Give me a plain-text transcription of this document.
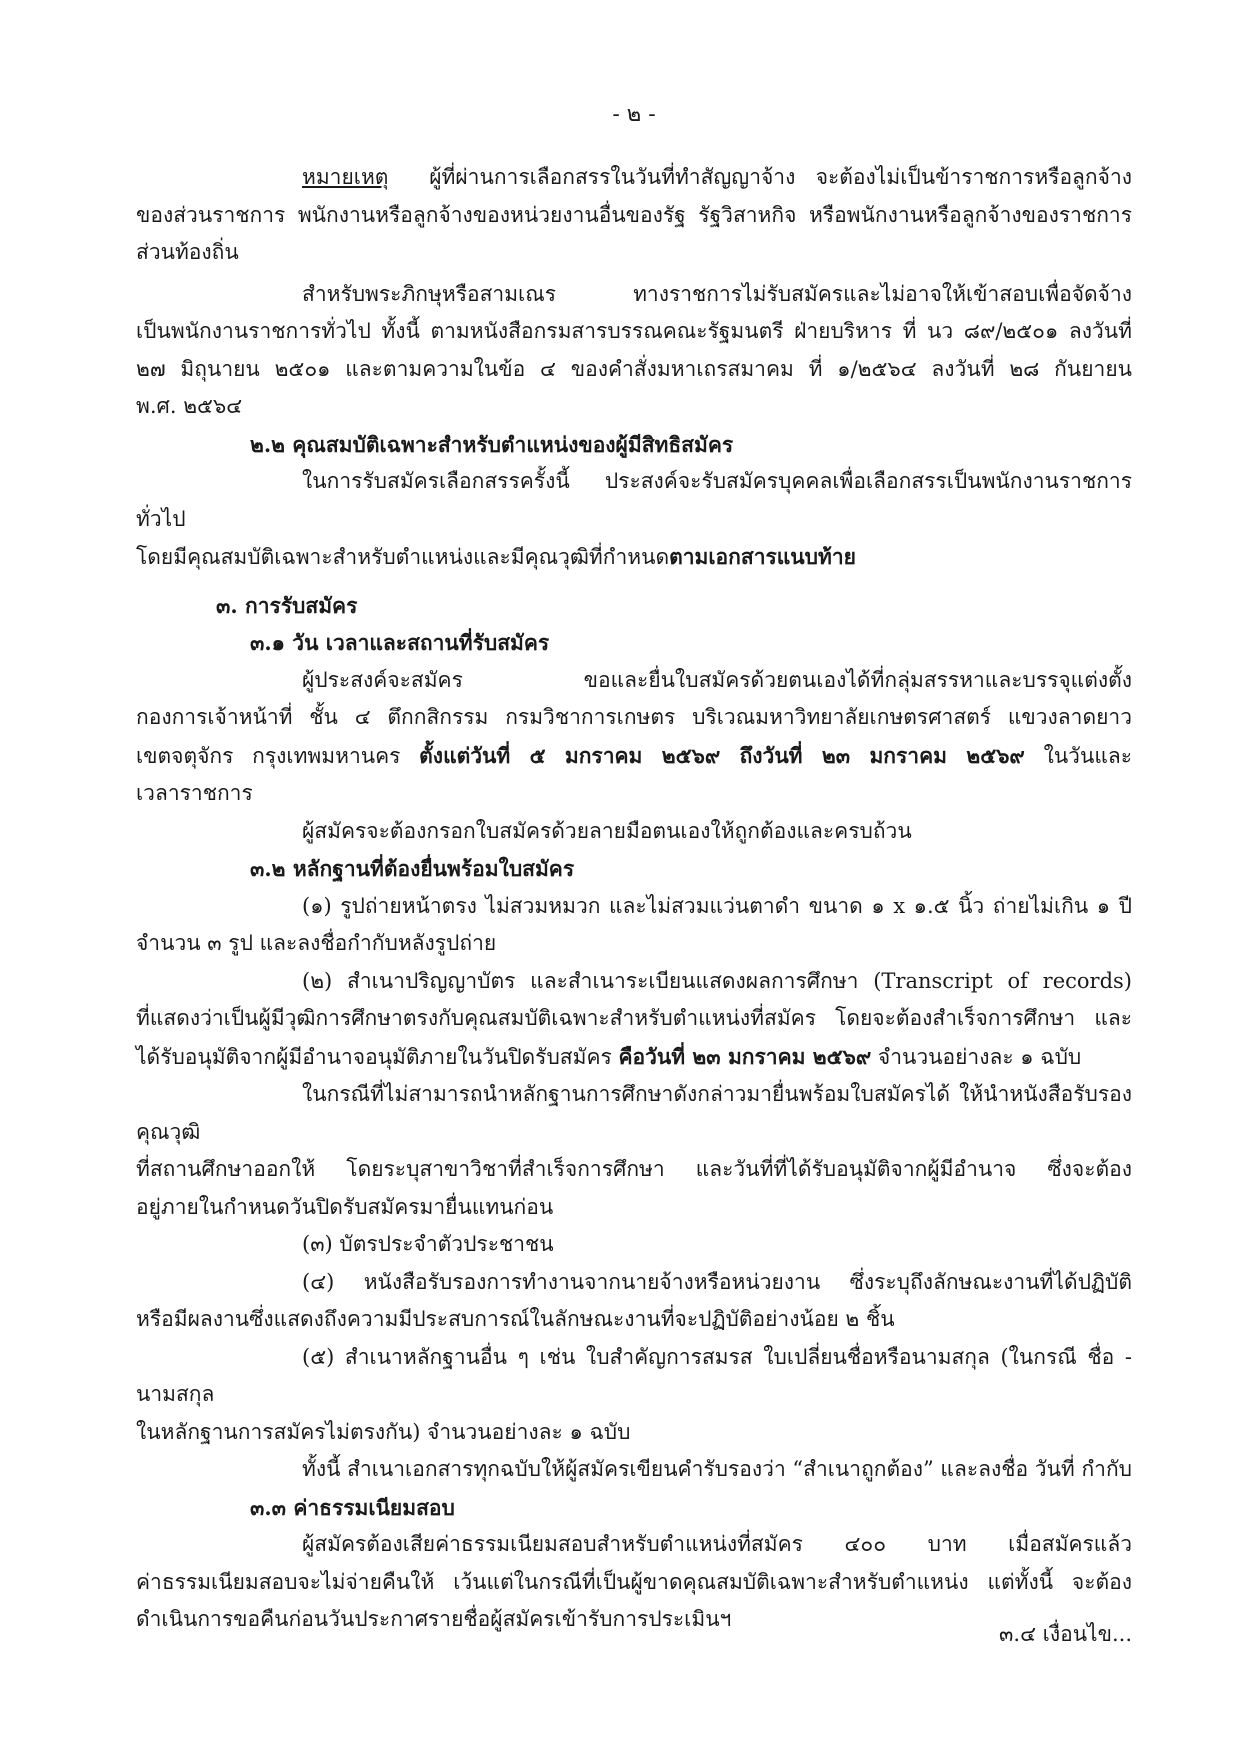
- ๒ -

หมายเหตุ ผู้ที่ผ่านการเลือกสรรในวันที่ทำสัญญาจ้าง จะต้องไม่เป็นข้าราชการหรือลูกจ้าง

ของส่วนราชการ พนักงานหรือลูกจ้างของหน่วยงานอื่นของรัฐ รัฐวิสาหกิจ หรือพนักงานหรือลูกจ้างของราชการ

ส่วนท้องถิ่น

สำหรับพระภิกษุหรือสามเณร ทางราชการไม่รับสมัครและไม่อาจให้เข้าสอบเพื่อจัดจ้าง

เป็นพนักงานราชการทั่วไป ทั้งนี้ ตามหนังสือกรมสารบรรณคณะรัฐมนตรี ฝ่ายบริหาร ที่ นว ๘๙/๒๕๐๑ ลงวันที่

๒๗ มิถุนายน ๒๕๐๑ และตามความในข้อ ๔ ของคำสั่งมหาเถรสมาคม ที่ ๑/๒๕๖๔ ลงวันที่ ๒๘ กันยายน

พ.ศ. ๒๕๖๔

๒.๒ คุณสมบัติเฉพาะสำหรับตำแหน่งของผู้มีสิทธิสมัคร

ในการรับสมัครเลือกสรรครั้งนี้ ประสงค์จะรับสมัครบุคคลเพื่อเลือกสรรเป็นพนักงานราชการทั่วไป

โดยมีคุณสมบัติเฉพาะสำหรับตำแหน่งและมีคุณวุฒิที่กำหนดตามเอกสารแนบท้าย

๓. การรับสมัคร

๓.๑ วัน เวลาและสถานที่รับสมัคร

ผู้ประสงค์จะสมัคร ขอและยื่นใบสมัครด้วยตนเองได้ที่กลุ่มสรรหาและบรรจุแต่งตั้ง

กองการเจ้าหน้าที่ ชั้น ๔ ตึกกสิกรรม กรมวิชาการเกษตร บริเวณมหาวิทยาลัยเกษตรศาสตร์ แขวงลาดยาว

เขตจตุจักร กรุงเทพมหานคร ตั้งแต่วันที่ ๕ มกราคม ๒๕๖๙ ถึงวันที่ ๒๓ มกราคม ๒๕๖๙ ในวันและ

เวลาราชการ

ผู้สมัครจะต้องกรอกใบสมัครด้วยลายมือตนเองให้ถูกต้องและครบถ้วน

๓.๒ หลักฐานที่ต้องยื่นพร้อมใบสมัคร

(๑) รูปถ่ายหน้าตรง ไม่สวมหมวก และไม่สวมแว่นตาดำ ขนาด ๑ x ๑.๕ นิ้ว ถ่ายไม่เกิน ๑ ปี

จำนวน ๓ รูป และลงชื่อกำกับหลังรูปถ่าย

(๒) สำเนาปริญญาบัตร และสำเนาระเบียนแสดงผลการศึกษา (Transcript of records)

ที่แสดงว่าเป็นผู้มีวุฒิการศึกษาตรงกับคุณสมบัติเฉพาะสำหรับตำแหน่งที่สมัคร โดยจะต้องสำเร็จการศึกษา และ

ได้รับอนุมัติจากผู้มีอำนาจอนุมัติภายในวันปิดรับสมัคร คือวันที่ ๒๓ มกราคม ๒๕๖๙ จำนวนอย่างละ ๑ ฉบับ

ในกรณีที่ไม่สามารถนำหลักฐานการศึกษาดังกล่าวมายื่นพร้อมใบสมัครได้ ให้นำหนังสือรับรองคุณวุฒิ

ที่สถานศึกษาออกให้ โดยระบุสาขาวิชาที่สำเร็จการศึกษา และวันที่ที่ได้รับอนุมัติจากผู้มีอำนาจ ซึ่งจะต้อง

อยู่ภายในกำหนดวันปิดรับสมัครมายื่นแทนก่อน

(๓) บัตรประจำตัวประชาชน

(๔) หนังสือรับรองการทำงานจากนายจ้างหรือหน่วยงาน ซึ่งระบุถึงลักษณะงานที่ได้ปฏิบัติ

หรือมีผลงานซึ่งแสดงถึงความมีประสบการณ์ในลักษณะงานที่จะปฏิบัติอย่างน้อย ๒ ชิ้น

(๕) สำเนาหลักฐานอื่น ๆ เช่น ใบสำคัญการสมรส ใบเปลี่ยนชื่อหรือนามสกุล (ในกรณี ชื่อ - นามสกุล

ในหลักฐานการสมัครไม่ตรงกัน) จำนวนอย่างละ ๑ ฉบับ

ทั้งนี้ สำเนาเอกสารทุกฉบับให้ผู้สมัครเขียนคำรับรองว่า “สำเนาถูกต้อง” และลงชื่อ วันที่ กำกับ

๓.๓ ค่าธรรมเนียมสอบ

ผู้สมัครต้องเสียค่าธรรมเนียมสอบสำหรับตำแหน่งที่สมัคร ๔๐๐ บาท เมื่อสมัครแล้ว

ค่าธรรมเนียมสอบจะไม่จ่ายคืนให้ เว้นแต่ในกรณีที่เป็นผู้ขาดคุณสมบัติเฉพาะสำหรับตำแหน่ง แต่ทั้งนี้ จะต้อง

ดำเนินการขอคืนก่อนวันประกาศรายชื่อผู้สมัครเข้ารับการประเมินฯ

๓.๔ เงื่อนไข...
